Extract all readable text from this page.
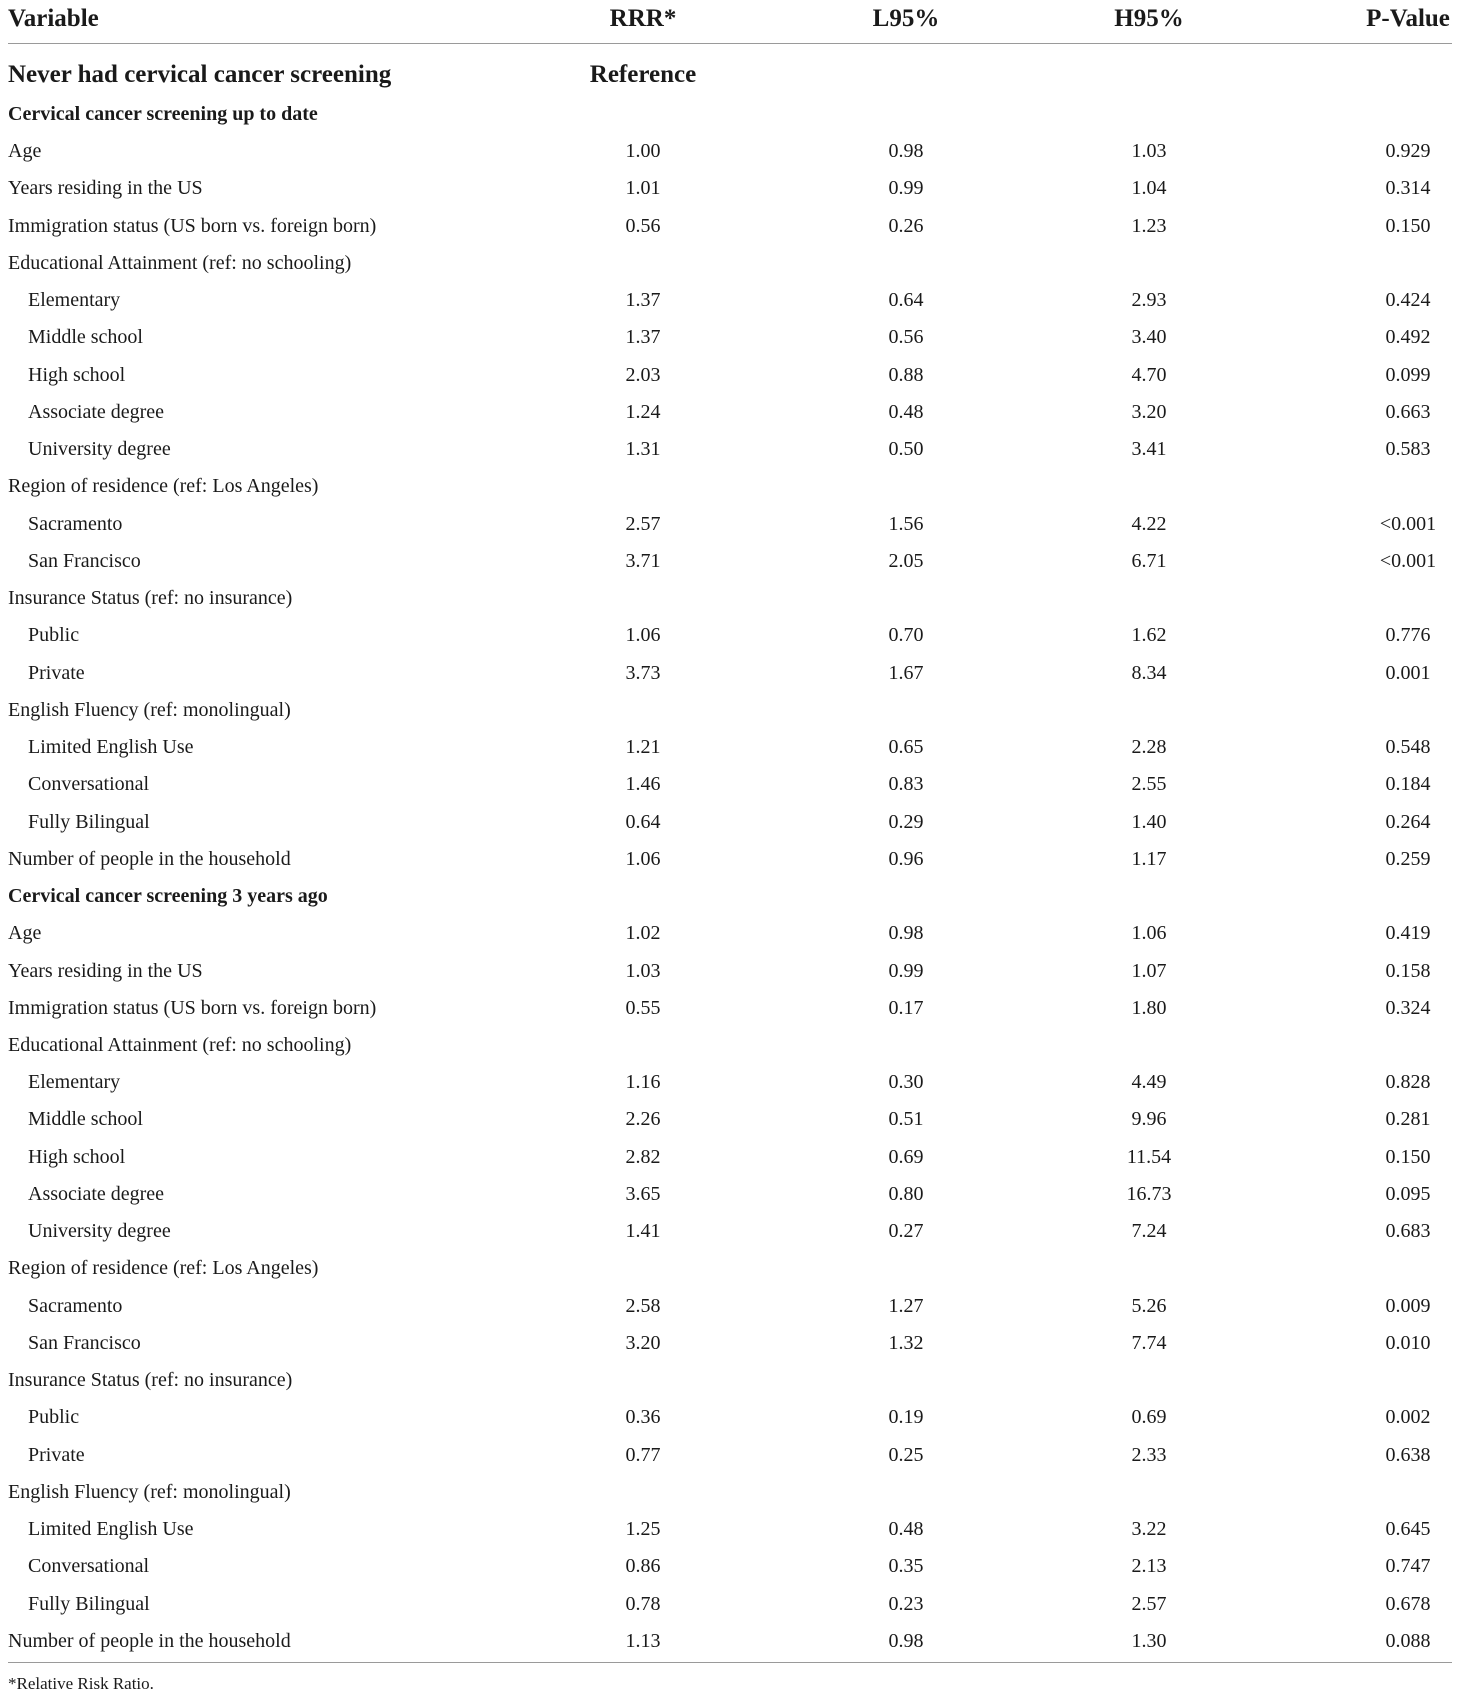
Variable	RRR*	L95%	H95%	P-Value
Never had cervical cancer screening	Reference
Cervical cancer screening up to date
Age	1.00	0.98	1.03	0.929
Years residing in the US	1.01	0.99	1.04	0.314
Immigration status (US born vs. foreign born)	0.56	0.26	1.23	0.150
Educational Attainment (ref: no schooling)
Elementary	1.37	0.64	2.93	0.424
Middle school	1.37	0.56	3.40	0.492
High school	2.03	0.88	4.70	0.099
Associate degree	1.24	0.48	3.20	0.663
University degree	1.31	0.50	3.41	0.583
Region of residence (ref: Los Angeles)
Sacramento	2.57	1.56	4.22	<0.001
San Francisco	3.71	2.05	6.71	<0.001
Insurance Status (ref: no insurance)
Public	1.06	0.70	1.62	0.776
Private	3.73	1.67	8.34	0.001
English Fluency (ref: monolingual)
Limited English Use	1.21	0.65	2.28	0.548
Conversational	1.46	0.83	2.55	0.184
Fully Bilingual	0.64	0.29	1.40	0.264
Number of people in the household	1.06	0.96	1.17	0.259
Cervical cancer screening 3 years ago
Age	1.02	0.98	1.06	0.419
Years residing in the US	1.03	0.99	1.07	0.158
Immigration status (US born vs. foreign born)	0.55	0.17	1.80	0.324
Educational Attainment (ref: no schooling)
Elementary	1.16	0.30	4.49	0.828
Middle school	2.26	0.51	9.96	0.281
High school	2.82	0.69	11.54	0.150
Associate degree	3.65	0.80	16.73	0.095
University degree	1.41	0.27	7.24	0.683
Region of residence (ref: Los Angeles)
Sacramento	2.58	1.27	5.26	0.009
San Francisco	3.20	1.32	7.74	0.010
Insurance Status (ref: no insurance)
Public	0.36	0.19	0.69	0.002
Private	0.77	0.25	2.33	0.638
English Fluency (ref: monolingual)
Limited English Use	1.25	0.48	3.22	0.645
Conversational	0.86	0.35	2.13	0.747
Fully Bilingual	0.78	0.23	2.57	0.678
Number of people in the household	1.13	0.98	1.30	0.088
*Relative Risk Ratio.
